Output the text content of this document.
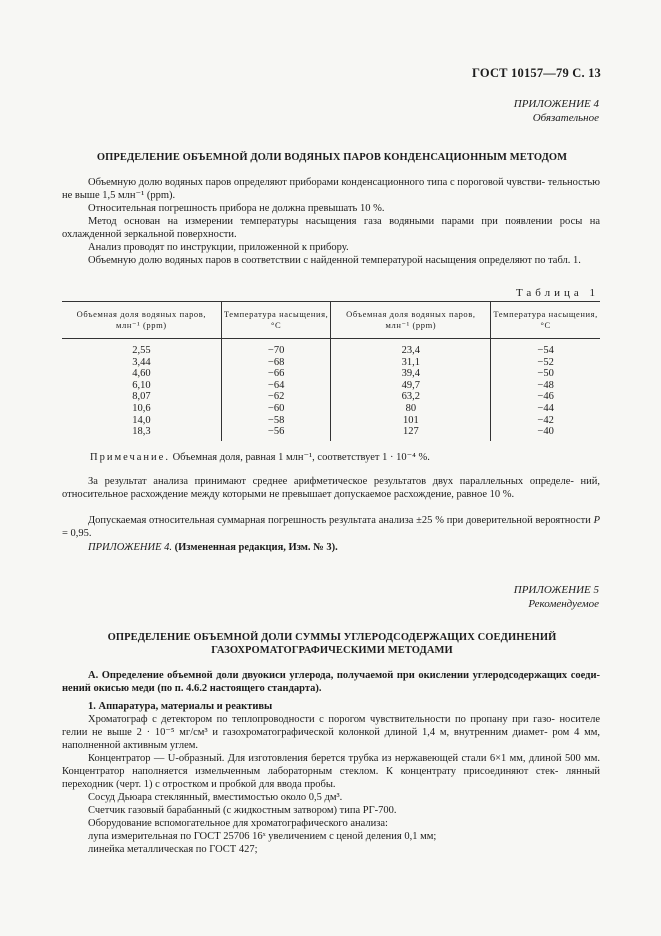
ГОСТ 10157—79 С. 13
ПРИЛОЖЕНИЕ 4
Обязательное
ОПРЕДЕЛЕНИЕ ОБЪЕМНОЙ ДОЛИ ВОДЯНЫХ ПАРОВ КОНДЕНСАЦИОННЫМ МЕТОДОМ

Объемную долю водяных паров определяют приборами конденсационного типа с пороговой чувстви- тельностью не выше 1,5 млн⁻¹ (ppm).

Относительная погрешность прибора не должна превышать 10 %.

Метод основан на измерении температуры насыщения газа водяными парами при появлении росы на охлажденной зеркальной поверхности.

Анализ проводят по инструкции, приложенной к прибору.

Объемную долю водяных паров в соответствии с найденной температурой насыщения определяют по табл. 1.

Таблица 1
Объемная доля водяных паров, млн⁻¹ (ppm)	Температура насыщения, °С	Объемная доля водяных паров, млн⁻¹ (ppm)	Температура насыщения, °С
2,55	−70	23,4	−54
3,44	−68	31,1	−52
4,60	−66	39,4	−50
6,10	−64	49,7	−48
8,07	−62	63,2	−46
10,6	−60	80	−44
14,0	−58	101	−42
18,3	−56	127	−40
Примечание. Объемная доля, равная 1 млн⁻¹, соответствует 1 · 10⁻⁴ %.

За результат анализа принимают среднее арифметическое результатов двух параллельных определе- ний, относительное расхождение между которыми не превышает допускаемое расхождение, равное 10 %.

Допускаемая относительная суммарная погрешность результата анализа ±25 % при доверительной вероятности P = 0,95.

ПРИЛОЖЕНИЕ 4. (Измененная редакция, Изм. № 3).

ПРИЛОЖЕНИЕ 5
Рекомендуемое
ОПРЕДЕЛЕНИЕ ОБЪЕМНОЙ ДОЛИ СУММЫ УГЛЕРОДСОДЕРЖАЩИХ СОЕДИНЕНИЙ
ГАЗОХРОМАТОГРАФИЧЕСКИМИ МЕТОДАМИ

А. Определение объемной доли двуокиси углерода, получаемой при окислении углеродсодержащих соеди- нений окисью меди (по п. 4.6.2 настоящего стандарта).

1. Аппаратура, материалы и реактивы

Хроматограф с детектором по теплопроводности с порогом чувствительности по пропану при газо- носителе гелии не выше 2 · 10⁻⁵ мг/см³ и газохроматографической колонкой длиной 1,4 м, внутренним диамет- ром 4 мм, наполненной активным углем.

Концентратор — U-образный. Для изготовления берется трубка из нержавеющей стали 6×1 мм, длиной 500 мм. Концентратор наполняется измельченным лабораторным стеклом. К концентрату присоединяют стек- лянный переходник (черт. 1) с отростком и пробкой для ввода пробы.

Сосуд Дьюара стеклянный, вместимостью около 0,5 дм³.

Счетчик газовый барабанный (с жидкостным затвором) типа РГ-700.

Оборудование вспомогательное для хроматографического анализа:

лупа измерительная по ГОСТ 25706 16ˣ увеличением с ценой деления 0,1 мм;

линейка металлическая по ГОСТ 427;
